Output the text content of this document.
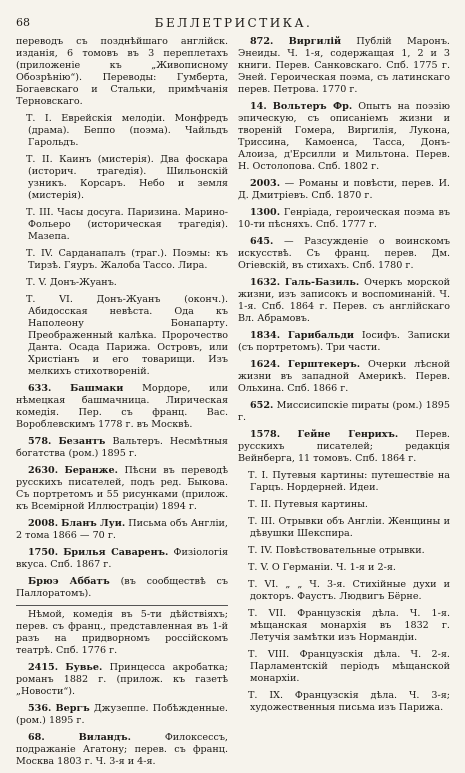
68	БЕЛЛЕТРИСТИКА.

переводъ съ позднѣйшаго англійск. изданія, 6 томовъ въ 3 переплетахъ (приложеніе къ „Живописному Обозрѣнію“). Переводы: Гумберта, Богаевскаго и Стальки, примѣчанія Терновскаго.

Т. I. Еврейскія мелодіи. Монфредъ (драма). Беппо (поэма). Чайльдъ Гарольдъ.

Т. II. Каинъ (мистерія). Два фоскара (историч. трагедія). Шильонскій узникъ. Корсаръ. Небо и земля (мистерія).

Т. III. Часы досуга. Паризина. Марино-Фольеро (историческая трагедія). Мазепа.

Т. IV. Сарданапалъ (траг.). Поэмы: къ Тирзѣ. Гяуръ. Жалоба Тассо. Лира.

Т. V. Донъ-Жуанъ.

Т. VI. Донъ-Жуанъ (оконч.). Абидосская невѣста. Ода къ Наполеону Бонапарту. Преображенный калѣка. Пророчество Данта. Осада Парижа. Островъ, или Христіанъ и его товарищи. Изъ мелкихъ стихотвореній.

633. Башмаки Мордоре, или нѣмецкая башмачница. Лирическая комедія. Пер. съ франц. Вас. Вороблевскимъ 1778 г. въ Москвѣ.

578. Безантъ Вальтеръ. Несмѣтныя богатства (ром.) 1895 г.

2630. Беранже. Пѣсни въ переводѣ русскихъ писателей, подъ ред. Быкова. Съ портретомъ и 55 рисунками (прилож. къ Всемірной Иллюстраціи) 1894 г.

2008. Бланъ Луи. Письма объ Англіи, 2 тома 1866 — 70 г.

1750. Брилья Саваренъ. Физіологія вкуса. Спб. 1867 г.

Брюэ Аббатъ (въ сообществѣ съ Паллоратомъ).

Нѣмой, комедія въ 5-ти дѣйствіяхъ; перев. съ франц., представленная въ 1-й разъ на придворномъ россійскомъ театрѣ. Спб. 1776 г.

2415. Бувье. Принцесса акробатка; романъ 1882 г. (прилож. къ газетѣ „Новости“).

536. Вергъ Джузеппе. Побѣжденные. (ром.) 1895 г.

68.	Виландъ.	Филоксессъ, подражаніе Агатону; перев. съ франц. Москва 1803 г. Ч. 3-я и 4-я.

872. Виргилій Публій Маронъ. Энеиды. Ч. 1-я, содержащая 1, 2 и 3 книги. Перев. Санковскаго. Спб. 1775 г. Эней. Героическая поэма, съ латинскаго перев. Петрова. 1770 г.

14. Вольтеръ Фр. Опытъ на поэзію эпическую, съ описаніемъ жизни и твореній Гомера, Виргилія, Лукона, Триссина, Камоенса, Тасса, Донъ-Алоиза, д'Ерсилли и Мильтона. Перев. Н. Остолопова. Спб. 1802 г.

2003. — Романы и повѣсти, перев. И. Д. Дмитріевъ. Спб. 1870 г.

1300. Генріада, героическая поэма въ 10-ти пѣсняхъ. Спб. 1777 г.

645. — Разсужденіе о воинскомъ искусствѣ. Съ франц. перев. Дм. Огіевскій, въ стихахъ. Спб. 1780 г.

1632. Галь-Базиль. Очеркъ морской жизни, изъ записокъ и воспоминаній. Ч. 1-я. Спб. 1864 г. Перев. съ англійскаго Вл. Абрамовъ.

1834. Гарибальди Іосифъ. Записки (съ портретомъ). Три части.

1624. Герштекеръ. Очерки лѣсной жизни въ западной Америкѣ. Перев. Ольхина. Спб. 1866 г.

652. Миссисипскіе пираты (ром.) 1895 г.

1578. Гейне Генрихъ. Перев. русскихъ писателей; редакція Вейнберга, 11 томовъ. Спб. 1864 г.

Т. I. Путевыя картины: путешествіе на Гарцъ. Нордерней. Идеи.

Т. II. Путевыя картины.

Т. III. Отрывки объ Англіи. Женщины и дѣвушки Шекспира.

Т. IV. Повѣствовательные отрывки.

Т. V. О Германіи. Ч. 1-я и 2-я.

Т. VI. „ „ Ч. 3-я. Стихійные духи и докторъ. Фаустъ. Людвигъ Бёрне.

Т. VII. Французскія дѣла. Ч. 1-я. мѣщанская монархія въ 1832 г. Летучія замѣтки изъ Нормандіи.

Т. VIII. Французскія дѣла. Ч. 2-я. Парламентскій періодъ мѣщанской монархіи.

Т. IX. Французскія дѣла. Ч. 3-я; художественныя письма изъ Парижа.
